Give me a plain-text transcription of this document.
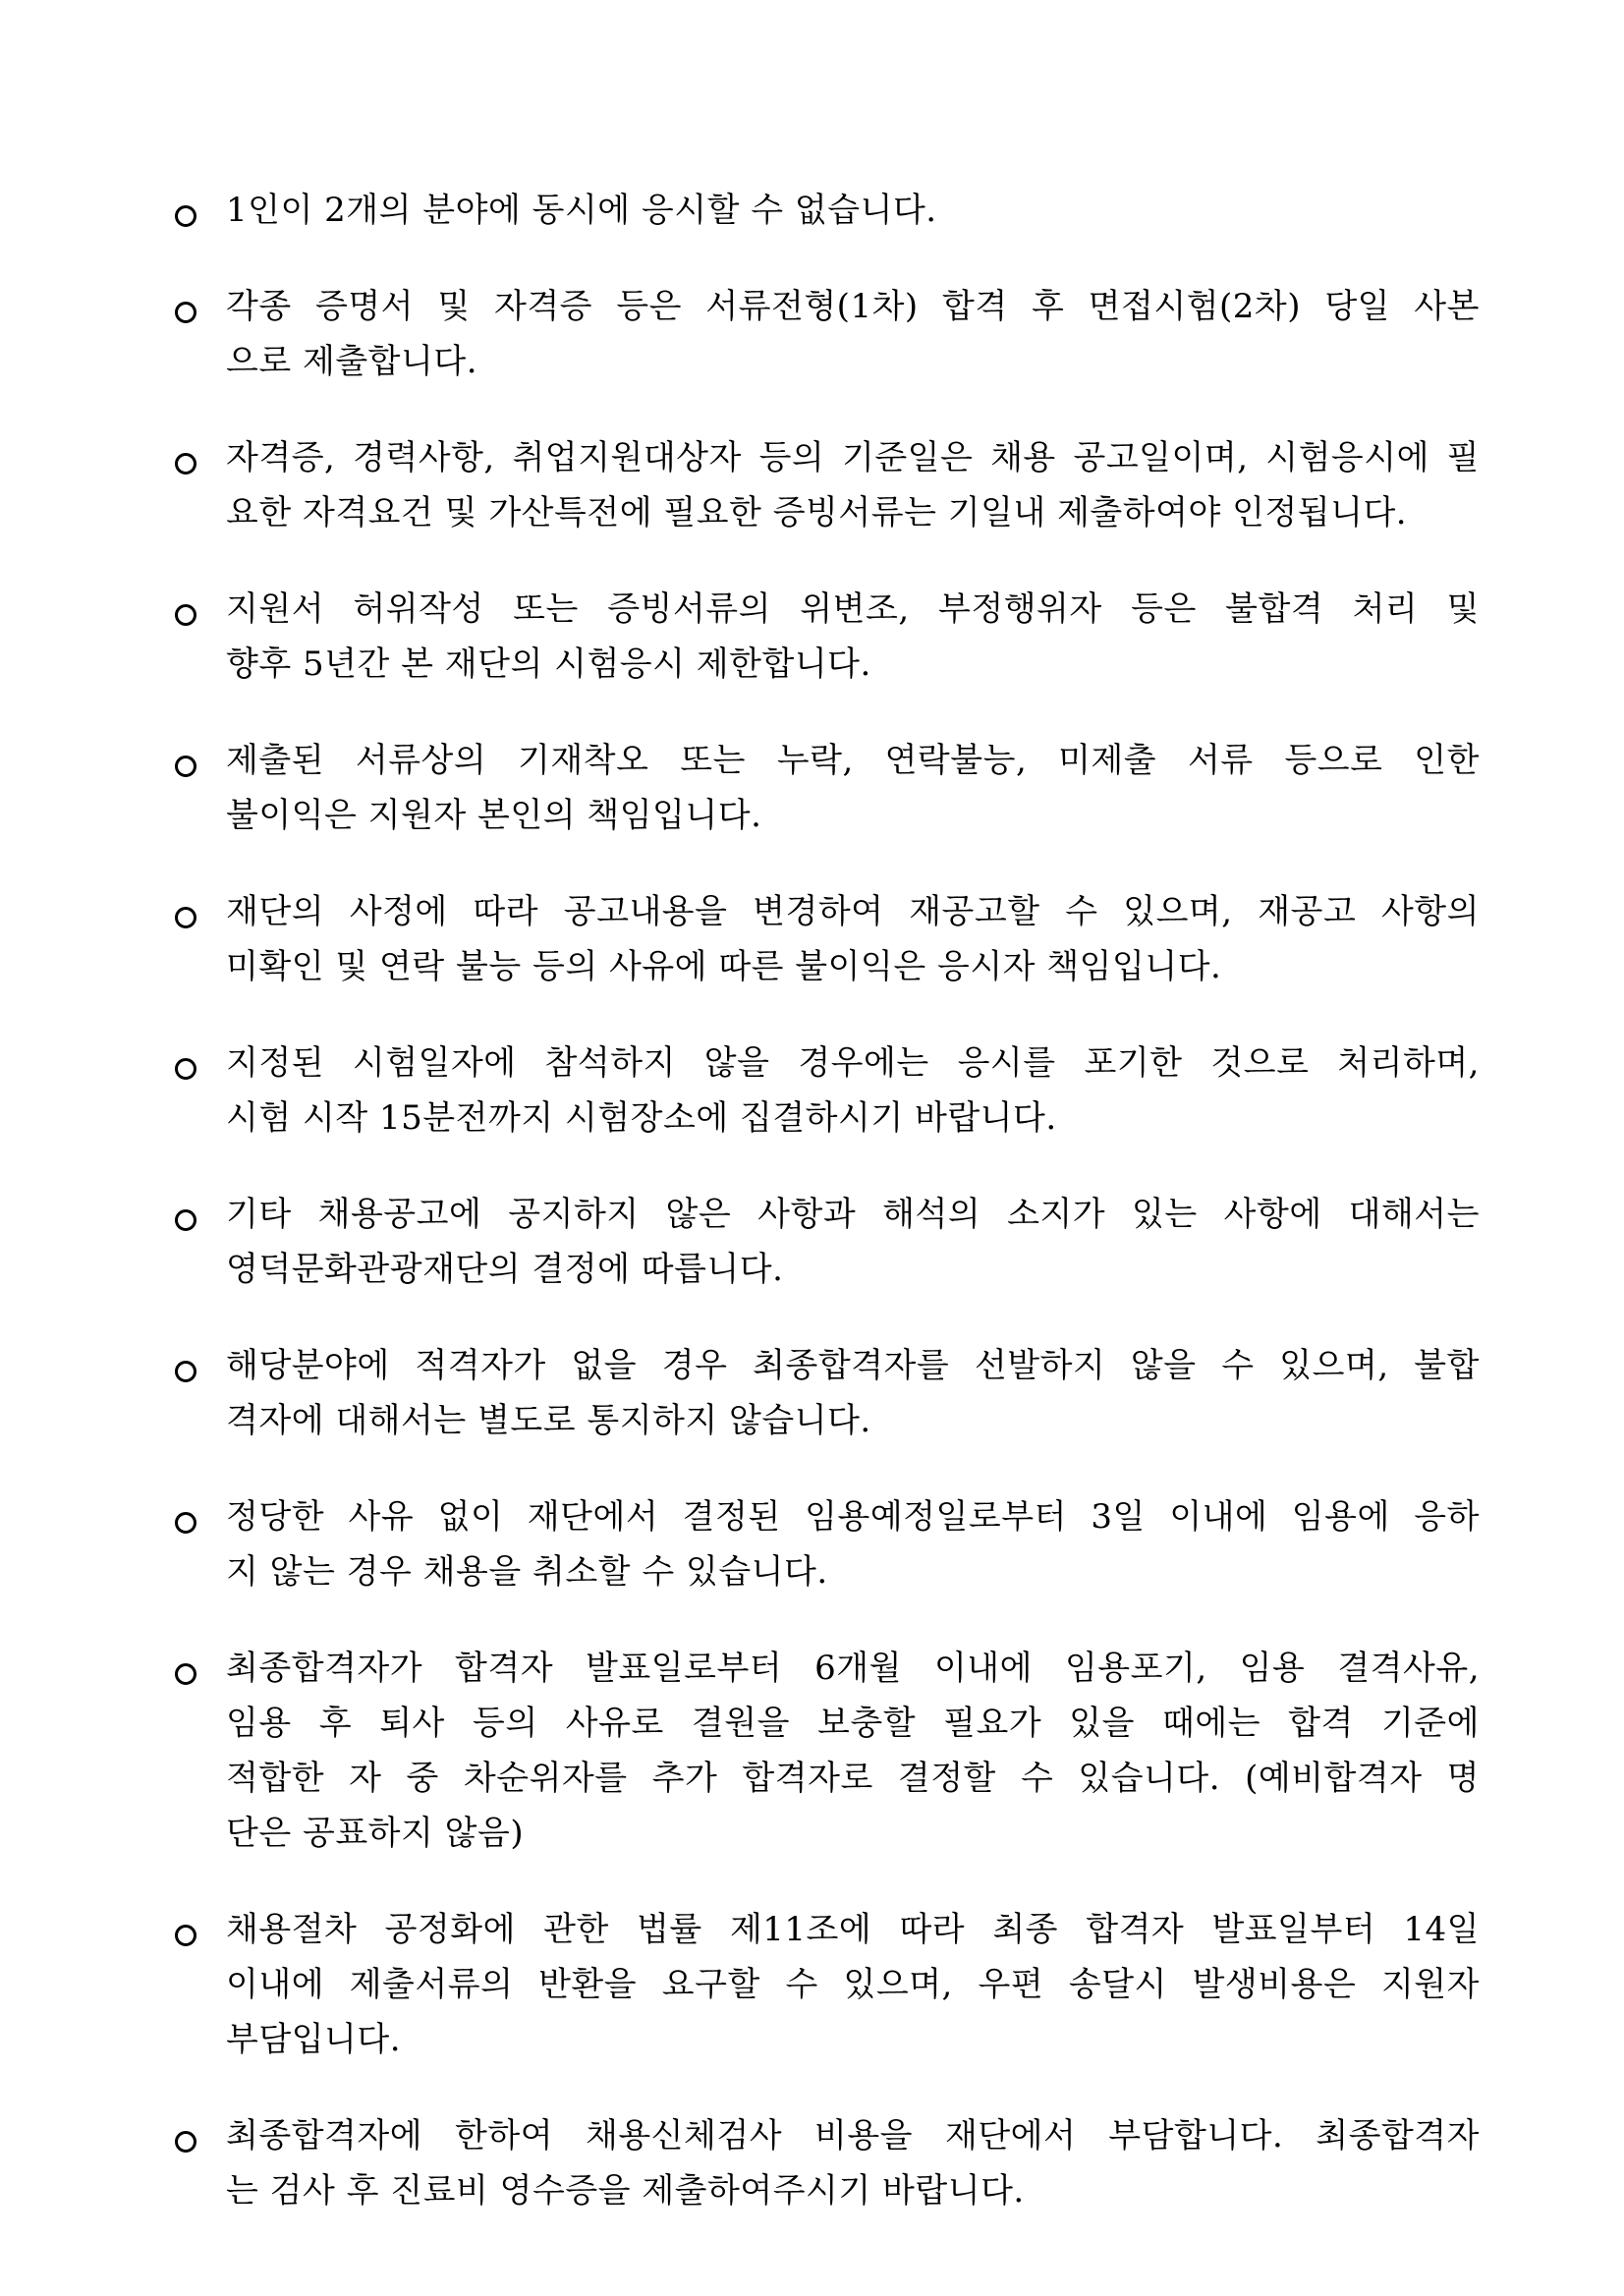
1인이 2개의 분야에 동시에 응시할 수 없습니다.
각종 증명서 및 자격증 등은 서류전형(1차) 합격 후 면접시험(2차) 당일 사본
으로 제출합니다.
자격증, 경력사항, 취업지원대상자 등의 기준일은 채용 공고일이며, 시험응시에 필
요한 자격요건 및 가산특전에 필요한 증빙서류는 기일내 제출하여야 인정됩니다.
지원서 허위작성 또는 증빙서류의 위변조, 부정행위자 등은 불합격 처리 및
향후 5년간 본 재단의 시험응시 제한합니다.
제출된 서류상의 기재착오 또는 누락, 연락불능, 미제출 서류 등으로 인한
불이익은 지원자 본인의 책임입니다.
재단의 사정에 따라 공고내용을 변경하여 재공고할 수 있으며, 재공고 사항의
미확인 및 연락 불능 등의 사유에 따른 불이익은 응시자 책임입니다.
지정된 시험일자에 참석하지 않을 경우에는 응시를 포기한 것으로 처리하며,
시험 시작 15분전까지 시험장소에 집결하시기 바랍니다.
기타 채용공고에 공지하지 않은 사항과 해석의 소지가 있는 사항에 대해서는
영덕문화관광재단의 결정에 따릅니다.
해당분야에 적격자가 없을 경우 최종합격자를 선발하지 않을 수 있으며, 불합
격자에 대해서는 별도로 통지하지 않습니다.
정당한 사유 없이 재단에서 결정된 임용예정일로부터 3일 이내에 임용에 응하
지 않는 경우 채용을 취소할 수 있습니다.
최종합격자가 합격자 발표일로부터 6개월 이내에 임용포기, 임용 결격사유,
임용 후 퇴사 등의 사유로 결원을 보충할 필요가 있을 때에는 합격 기준에
적합한 자 중 차순위자를 추가 합격자로 결정할 수 있습니다. (예비합격자 명
단은 공표하지 않음)
채용절차 공정화에 관한 법률 제11조에 따라 최종 합격자 발표일부터 14일
이내에 제출서류의 반환을 요구할 수 있으며, 우편 송달시 발생비용은 지원자
부담입니다.
최종합격자에 한하여 채용신체검사 비용을 재단에서 부담합니다. 최종합격자
는 검사 후 진료비 영수증을 제출하여주시기 바랍니다.
